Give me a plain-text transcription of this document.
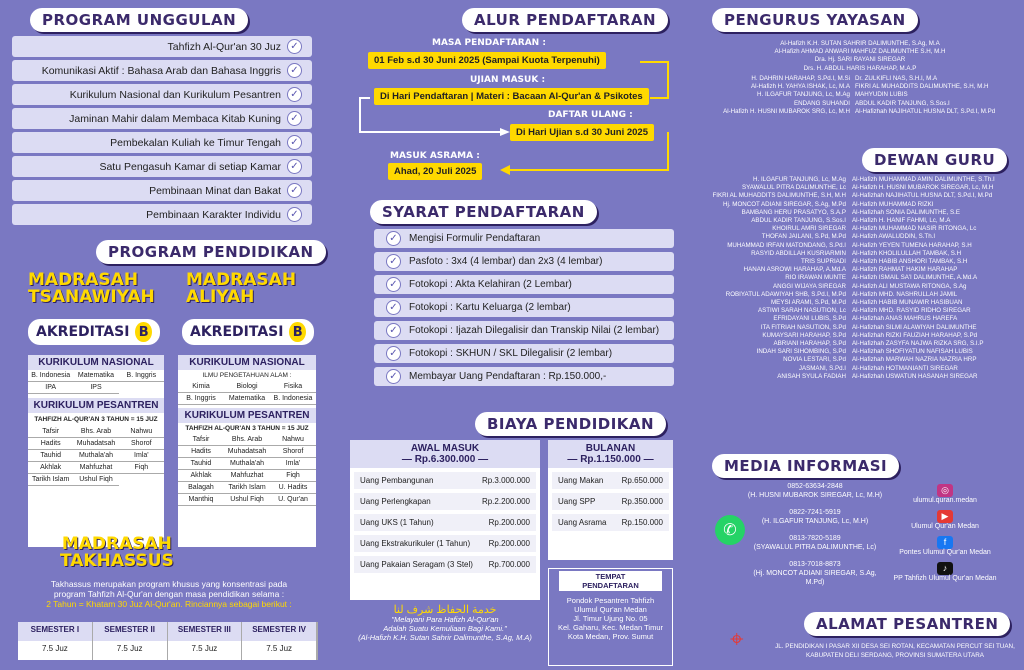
PROGRAM UNGGULAN
Tahfizh Al-Qur'an 30 Juz ✓
Komunikasi Aktif : Bahasa Arab dan Bahasa Inggris ✓
Kurikulum Nasional dan Kurikulum Pesantren ✓
Jaminan Mahir dalam Membaca Kitab Kuning ✓
Pembekalan Kuliah ke Timur Tengah ✓
Satu Pengasuh Kamar di setiap Kamar ✓
Pembinaan Minat dan Bakat ✓
Pembinaan Karakter Individu ✓
PROGRAM PENDIDIKAN
MADRASAH
TSANAWIYAH
AKREDITASI B
KURIKULUM NASIONAL
B. Indonesia	Matematika	B. Inggris
IPA	IPS
KURIKULUM PESANTREN
TAHFIZH AL-QUR'AN 3 TAHUN = 15 JUZ
Tafsir	Bhs. Arab	Nahwu
Hadits	Muhadatsah	Shorof
Tauhid	Muthala'ah	Imla'
Akhlak	Mahfuzhat	Fiqh
Tarikh Islam	Ushul Fiqh
MADRASAH
ALIYAH
AKREDITASI B
KURIKULUM NASIONAL
ILMU PENGETAHUAN ALAM :
Kimia	Biologi	Fisika
B. Inggris	Matematika	B. Indonesia
KURIKULUM PESANTREN
TAHFIZH AL-QUR'AN 3 TAHUN = 15 JUZ
Tafsir	Bhs. Arab	Nahwu
Hadits	Muhadatsah	Shorof
Tauhid	Muthala'ah	Imla'
Akhlak	Mahfuzhat	Fiqh
Balagah	Tarikh Islam	U. Hadits
Manthiq	Ushul Fiqh	U. Qur'an
MADRASAH
TAKHASSUS
Takhassus merupakan program khusus yang konsentrasi pada
program Tahfizh Al-Qur'an dengan masa pendidikan selama :
2 Tahun = Khatam 30 Juz Al-Qur'an. Rinciannya sebagai berikut :
SEMESTER I	SEMESTER II	SEMESTER III	SEMESTER IV
7.5 Juz	7.5 Juz	7.5 Juz	7.5 Juz
ALUR PENDAFTARAN
MASA PENDAFTARAN :
01 Feb s.d 30 Juni 2025 (Sampai Kuota Terpenuhi)
UJIAN MASUK :
Di Hari Pendaftaran | Materi : Bacaan Al-Qur'an & Psikotes
DAFTAR ULANG :
Di Hari Ujian s.d 30 Juni 2025
MASUK ASRAMA :
Ahad, 20 Juli 2025
SYARAT PENDAFTARAN
✓	Mengisi Formulir Pendaftaran
✓	Pasfoto : 3x4 (4 lembar) dan 2x3 (4 lembar)
✓	Fotokopi : Akta Kelahiran (2 Lembar)
✓	Fotokopi : Kartu Keluarga (2 lembar)
✓	Fotokopi : Ijazah Dilegalisir dan Transkip Nilai (2 lembar)
✓	Fotokopi : SKHUN / SKL Dilegalisir (2 lembar)
✓	Membayar Uang Pendaftaran : Rp.150.000,-
BIAYA PENDIDIKAN
AWAL MASUK
— Rp.6.300.000 —
Uang Pembangunan	Rp.3.000.000
Uang Perlengkapan	Rp.2.200.000
Uang UKS (1 Tahun)	Rp.200.000
Uang Ekstrakurikuler (1 Tahun) Rp.200.000
Uang Pakaian Seragam (3 Stel) Rp.700.000
BULANAN
— Rp.1.150.000 —
Uang Makan Rp.650.000
Uang SPP	Rp.350.000
Uang Asrama Rp.150.000
TEMPAT
PENDAFTARAN
Pondok Pesantren Tahfizh
Ulumul Qur'an Medan
Jl. Timur Ujung No. 05
Kel. Gaharu, Kec. Medan Timur
Kota Medan, Prov. Sumut
خدمة الحفاظ شرف لنا
"Melayani Para Hafizh Al-Qur'an
Adalah Suatu Kemuliaan Bagi Kami."
(Al-Hafizh K.H. Sutan Sahrir Dalimunthe, S.Ag, M.A)
PENGURUS YAYASAN
Al-Hafizh K.H. SUTAN SAHRIR DALIMUNTHE, S.Ag, M.A
Al-Hafizh AHMAD ANWARI MAHFUZ DALIMUNTHE S.H, M.H
Dra. Hj. SARI RAYANI SIREGAR
Drs. H. ABDUL HARIS HARAHAP, M.A.P
H. DAHRIN HARAHAP, S.Pd.I, M.Si
Al-Hafizh H. YAHYA ISHAK, Lc, M.A
H. ILGAFUR TANJUNG, Lc, M.Ag
ENDANG SUHANDI
Al-Hafizh H. HUSNI MUBAROK SRG, Lc, M.H
Dr. ZULKIFLI NAS, S.H.I, M.A
FIKRI AL MUHADDITS DALIMUNTHE, S.H, M.H
MAHYUDIN LUBIS
ABDUL KADIR TANJUNG, S.Sos.I
Al-Hafizhah NAJIHATUL HUSNA DLT, S.Pd.I, M.Pd
DEWAN GURU
H. ILGAFUR TANJUNG, Lc, M.Ag
SYAWALUL PITRA DALIMUNTHE, Lc
FIKRI AL MUHADDITS DALIMUNTHE, S.H, M.H
Hj. MONCOT ADIANI SIREGAR, S.Ag, M.Pd
BAMBANG HERU PRASATYO, S.A.P
ABDUL KADIR TANJUNG, S.Sos.I
KHOIRUL AMRI SIREGAR
THOFAN JAILANI, S.Pd, M.Pd
MUHAMMAD IRFAN MATONDANG, S.Pd.I
RASYID ABDILLAH KUSRIARMIN
TRIS SUPRIADI
HANAN ASROWI HARAHAP, A.Md.A
RIO IRAWAN MUNTE
ANGGI WIJAYA SIREGAR
ROBIYATUL ADAWIYAH SHB, S.Pd.I, M.Pd
MEYSI ARAMI, S.Pd, M.Pd
ASTIWI SARAH NASUTION, Lc
EFRIDAYANI LUBIS, S.Pd
ITA FITRIAH NASUTION, S.Pd
KUMAYSARI HARAHAP, S.Pd
ABRIANI HARAHAP, S.Pd
INDAH SARI SIHOMBING, S.Pd
NOVIA LESTARI, S.Pd
JASMANI, S.Pd.I
ANISAH SYULA FADIAH
Al-Hafizh MUHAMMAD AMIN DALIMUNTHE, S.Th.I
Al-Hafizh H. HUSNI MUBAROK SIREGAR, Lc, M.H
Al-Hafizhah NAJIHATUL HUSNA DLT, S.Pd.I, M.Pd
Al-Hafizh MUHAMMAD RIZKI
Al-Hafizhah SONIA DALIMUNTHE, S.E
Al-Hafizh H. HANIF FAHMI, Lc, M.A
Al-Hafizh MUHAMMAD NASIR RITONGA, Lc
Al-Hafizh AWALUDDIN, S.Th.I
Al-Hafizh YEYEN TUMENA HARAHAP, S.H
Al-Hafizh KHOLILULLAH TAMBAK, S.H
Al-Hafizh HABIB ANSHORI TAMBAK, S.H
Al-Hafizh RAHMAT HAKIM HARAHAP
Al-Hafizh ISMAIL SA'I DALIMUNTHE, A.Md.A
Al-Hafizh ALI MUSTAWA RITONGA, S.Ag
Al-Hafizh MHD. NASHRULLAH JAMIL
Al-Hafizh HABIB MUNAWIR HASIBUAN
Al-Hafizh MHD. RASYID RIDHO SIREGAR
Al-Hafizhah ANAS MAHRUS HAREFA
Al-Hafizhah SILMI ALAWIYAH DALIMUNTHE
Al-Hafizhah RIZKI FAUZIAH HARAHAP, S.Pd
Al-Hafizhah ZASYFA NAJWA RIZKA SRG, S.I.P
Al-Hafizhah SHOFIYATUN NAFISAH LUBIS
Al-Hafizhah MARWAH NAZRIA NAZRIA HRP
Al-Hafizhah HOTMANIANTI SIREGAR
Al-Hafizhah USWATUN HASANAH SIREGAR
MEDIA INFORMASI
✆
0852-63634-2848
(H. HUSNI MUBAROK SIREGAR, Lc, M.H)
0822-7241-5919
(H. ILGAFUR TANJUNG, Lc, M.H)
0813-7820-5189
(SYAWALUL PITRA DALIMUNTHE, Lc)
0813-7018-8873
(Hj. MONCOT ADIANI SIREGAR, S.Ag, M.Pd)
◎
ulumul.quran.medan
▶
Ulumul Qur'an Medan
f
Pontes Ulumul Qur'an Medan
♪
PP Tahfizh Ulumul Qur'an Medan
ALAMAT PESANTREN
⌖	JL. PENDIDIKAN I PASAR XII DESA SEI ROTAN, KECAMATAN PERCUT SEI TUAN,
KABUPATEN DELI SERDANG, PROVINSI SUMATERA UTARA
